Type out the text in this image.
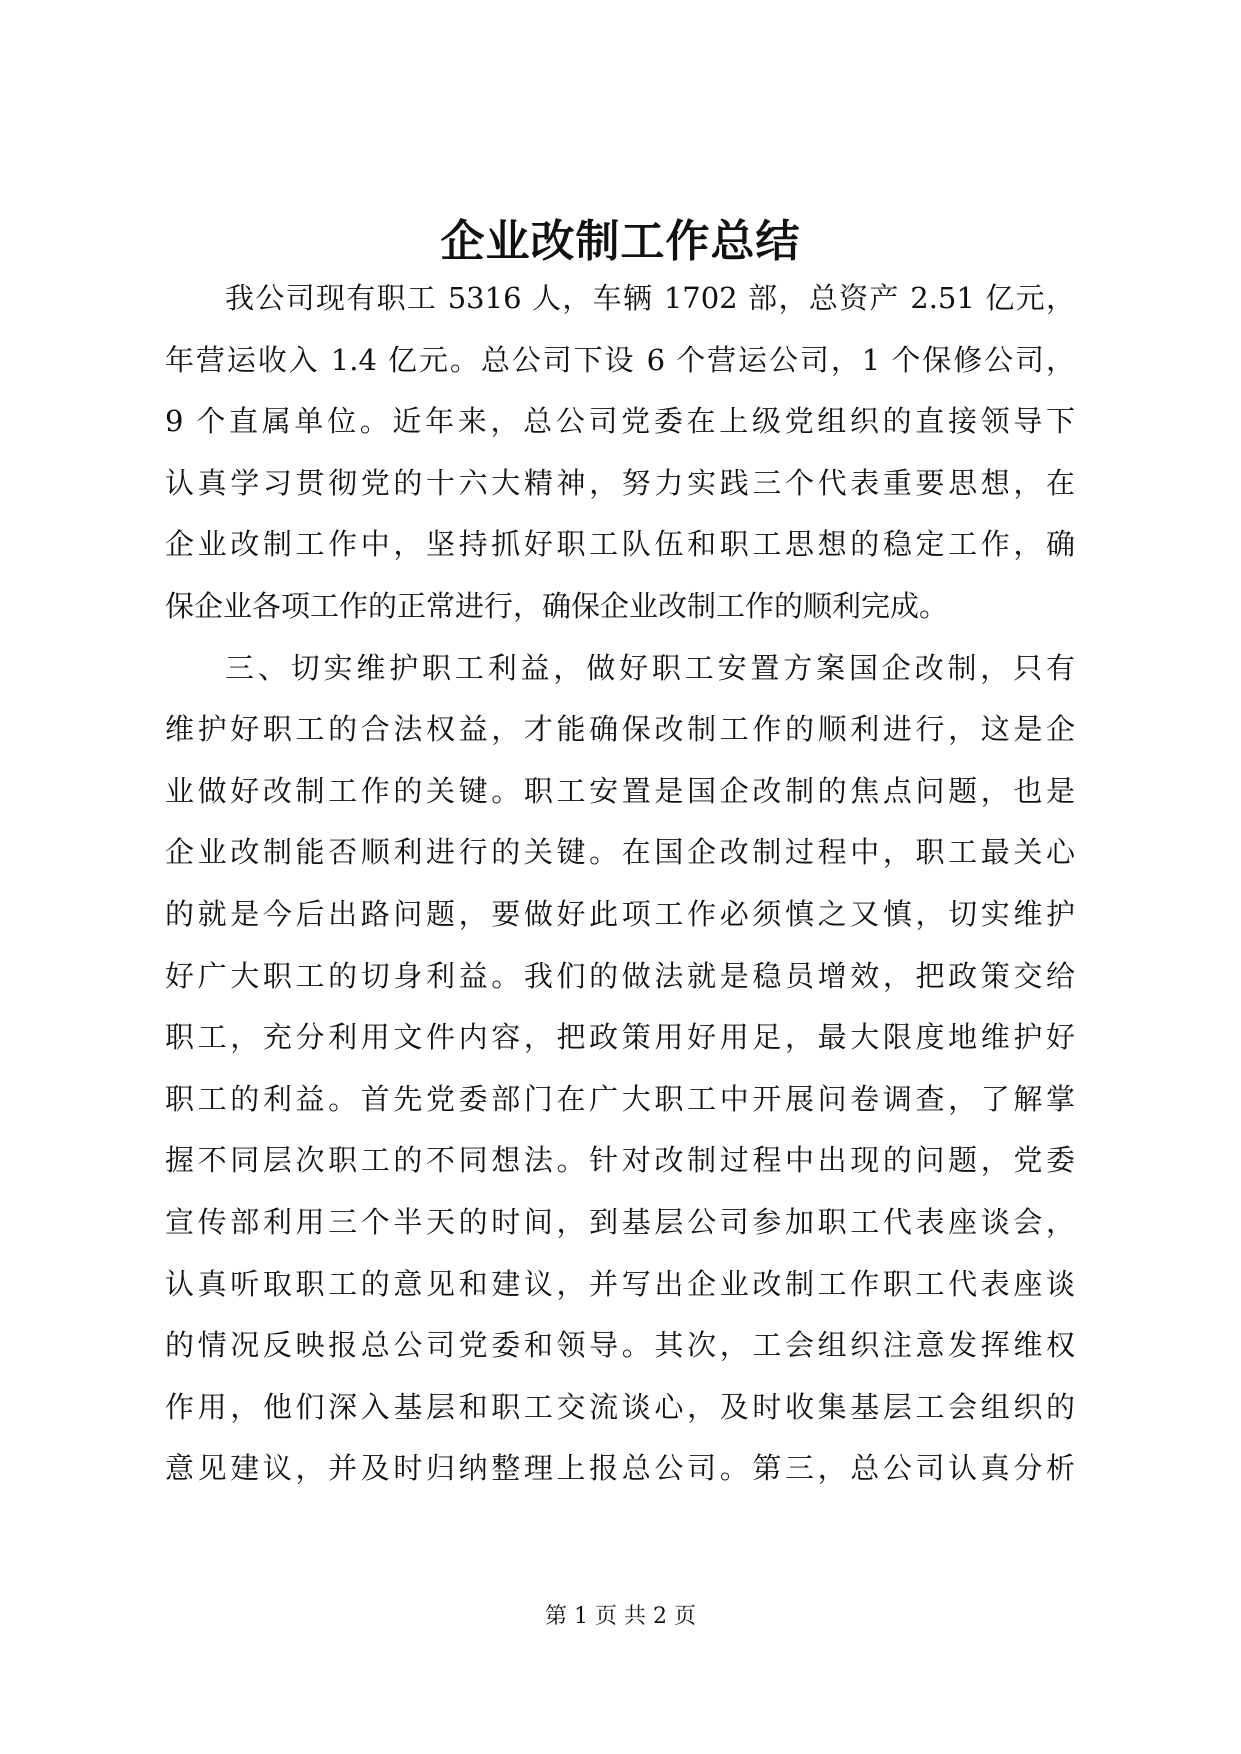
企业改制工作总结
我公司现有职工 5316 人，车辆 1702 部，总资产 2.51 亿元，
年营运收入 1.4 亿元。总公司下设 6 个营运公司，1 个保修公司，
9 个直属单位。近年来，总公司党委在上级党组织的直接领导下
认真学习贯彻党的十六大精神，努力实践三个代表重要思想，在
企业改制工作中，坚持抓好职工队伍和职工思想的稳定工作，确
保企业各项工作的正常进行，确保企业改制工作的顺利完成。
三、切实维护职工利益，做好职工安置方案国企改制，只有
维护好职工的合法权益，才能确保改制工作的顺利进行，这是企
业做好改制工作的关键。职工安置是国企改制的焦点问题，也是
企业改制能否顺利进行的关键。在国企改制过程中，职工最关心
的就是今后出路问题，要做好此项工作必须慎之又慎，切实维护
好广大职工的切身利益。我们的做法就是稳员增效，把政策交给
职工，充分利用文件内容，把政策用好用足，最大限度地维护好
职工的利益。首先党委部门在广大职工中开展问卷调查，了解掌
握不同层次职工的不同想法。针对改制过程中出现的问题，党委
宣传部利用三个半天的时间，到基层公司参加职工代表座谈会，
认真听取职工的意见和建议，并写出企业改制工作职工代表座谈
的情况反映报总公司党委和领导。其次，工会组织注意发挥维权
作用，他们深入基层和职工交流谈心，及时收集基层工会组织的
意见建议，并及时归纳整理上报总公司。第三，总公司认真分析
第 1 页 共 2 页
